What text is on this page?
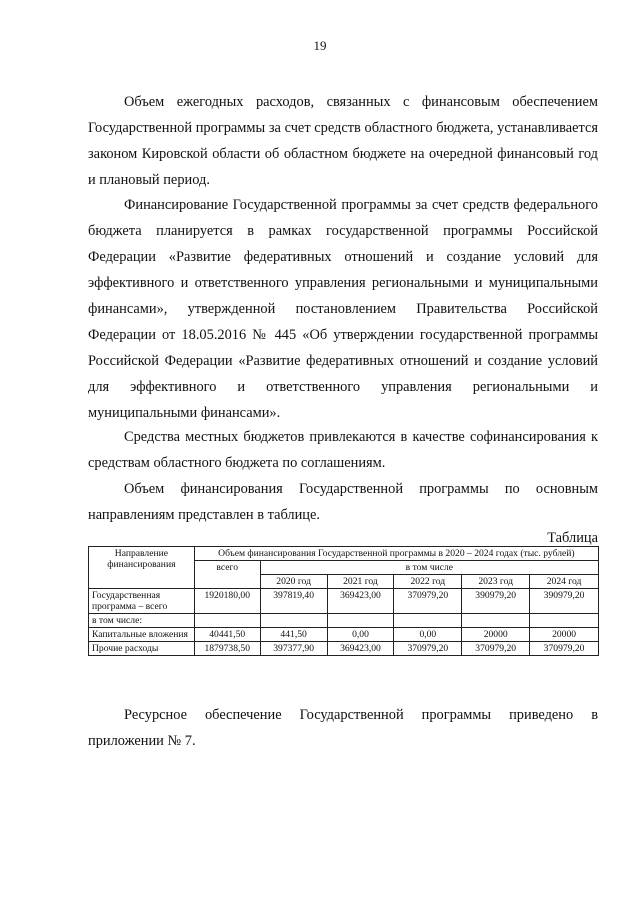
19
Объем ежегодных расходов, связанных с финансовым обеспечением Государственной программы за счет средств областного бюджета, устанавливается законом Кировской области об областном бюджете на очередной финансовый год и плановый период.
Финансирование Государственной программы за счет средств федерального бюджета планируется в рамках государственной программы Российской Федерации «Развитие федеративных отношений и создание условий для эффективного и ответственного управления региональными и муниципальными финансами», утвержденной постановлением Правительства Российской Федерации от 18.05.2016 № 445 «Об утверждении государственной программы Российской Федерации «Развитие федеративных отношений и создание условий для эффективного и ответственного управления региональными и муниципальными финансами».
Средства местных бюджетов привлекаются в качестве софинансирования к средствам областного бюджета по соглашениям.
Объем финансирования Государственной программы по основным направлениям представлен в таблице.
Таблица
Направление финансирования	Объем финансирования Государственной программы в 2020 – 2024 годах (тыс. рублей)					
	всего	в том числе				
		2020 год	2021 год	2022 год	2023 год	2024 год
Государственная программа – всего	1920180,00	397819,40	369423,00	370979,20	390979,20	390979,20
в том числе:						
Капитальные вложения	40441,50	441,50	0,00	0,00	20000	20000
Прочие расходы	1879738,50	397377,90	369423,00	370979,20	370979,20	370979,20
Ресурсное обеспечение Государственной программы приведено в приложении № 7.
